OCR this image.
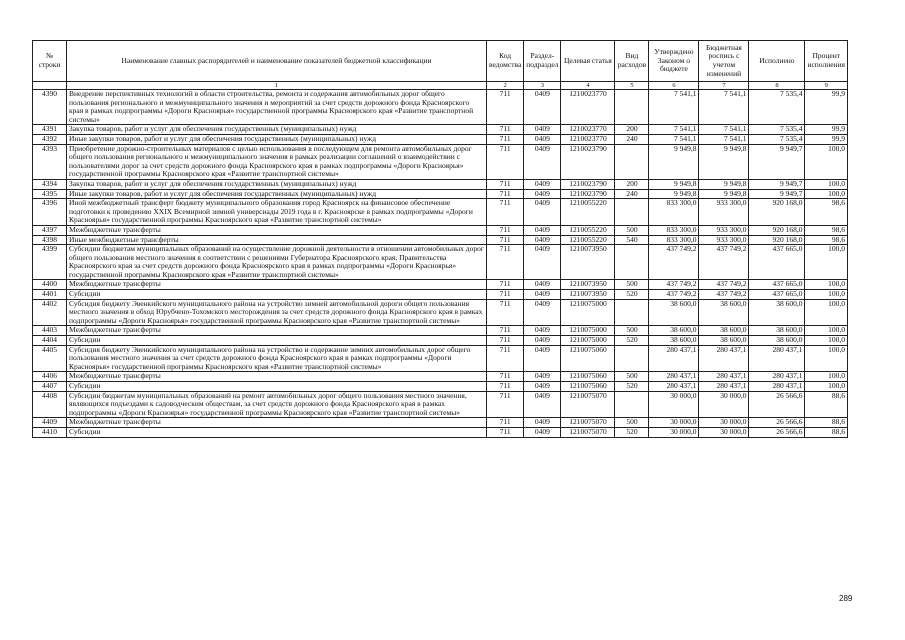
№ строки	Наименование главных распорядителей и наименование показателей бюджетной классификации	Код ведомства	Раздел-подраздел	Целевая статья	Вид расходов	Утверждено Законом о бюджете	Бюджетная роспись с учетом изменений	Исполнено	Процент исполнения
	1	2	3	4	5	6	7	8	9
4390	Внедрение перспективных технологий в области строительства, ремонта и содержания автомобильных дорог общего пользования регионального и межмуниципального значения и мероприятий за счет средств дорожного фонда Красноярского края в рамках подпрограммы «Дороги Красноярья» государственной программы Красноярского края «Развитие транспортной системы»	711	0409	1210023770		7 541,1	7 541,1	7 535,4	99,9
4391	Закупка товаров, работ и услуг для обеспечения государственных (муниципальных) нужд	711	0409	1210023770	200	7 541,1	7 541,1	7 535,4	99,9
4392	Иные закупки товаров, работ и услуг для обеспечения государственных (муниципальных) нужд	711	0409	1210023770	240	7 541,1	7 541,1	7 535,4	99,9
4393	Приобретение дорожно-строительных материалов с целью использования в последующем для ремонта автомобильных дорог общего пользования регионального и межмуниципального значения в рамках реализации соглашений о взаимодействии с пользователями дорог за счет средств дорожного фонда Красноярского края в рамках подпрограммы «Дороги Красноярья» государственной программы Красноярского края «Развитие транспортной системы»	711	0409	1210023790		9 949,8	9 949,8	9 949,7	100,0
4394	Закупка товаров, работ и услуг для обеспечения государственных (муниципальных) нужд	711	0409	1210023790	200	9 949,8	9 949,8	9 949,7	100,0
4395	Иные закупки товаров, работ и услуг для обеспечения государственных (муниципальных) нужд	711	0409	1210023790	240	9 949,8	9 949,8	9 949,7	100,0
4396	Иной межбюджетный трансферт бюджету муниципального образования город Красноярск на финансовое обеспечение подготовки к проведению XXIX Всемирной зимней универсиады 2019 года в г. Красноярске в рамках подпрограммы «Дороги Красноярья» государственной программы Красноярского края «Развитие транспортной системы»	711	0409	1210055220		833 300,0	933 300,0	920 168,0	98,6
4397	Межбюджетные трансферты	711	0409	1210055220	500	833 300,0	933 300,0	920 168,0	98,6
4398	Иные межбюджетные трансферты	711	0409	1210055220	540	833 300,0	933 300,0	920 168,0	98,6
4399	Субсидии бюджетам муниципальных образований на осуществление дорожной деятельности в отношении автомобильных дорог общего пользования местного значения в соответствии с решениями Губернатора Красноярского края, Правительства Красноярского края за счет средств дорожного фонда Красноярского края в рамках подпрограммы «Дороги Красноярья» государственной программы Красноярского края «Развитие транспортной системы»	711	0409	1210073950		437 749,2	437 749,2	437 665,0	100,0
4400	Межбюджетные трансферты	711	0409	1210073950	500	437 749,2	437 749,2	437 665,0	100,0
4401	Субсидии	711	0409	1210073950	520	437 749,2	437 749,2	437 665,0	100,0
4402	Субсидия бюджету Эвенкийского муниципального района на устройство зимней автомобильной дороги общего пользования местного значения в обход Юрубчено-Тохомского месторождения за счет средств дорожного фонда Красноярского края в рамках подпрограммы «Дороги Красноярья» государственной программы Красноярского края «Развитие транспортной системы»	711	0409	1210075000		38 600,0	38 600,0	38 600,0	100,0
4403	Межбюджетные трансферты	711	0409	1210075000	500	38 600,0	38 600,0	38 600,0	100,0
4404	Субсидии	711	0409	1210075000	520	38 600,0	38 600,0	38 600,0	100,0
4405	Субсидия бюджету Эвенкийского муниципального района на устройство и содержание зимних автомобильных дорог общего пользования местного значения за счет средств дорожного фонда Красноярского края в рамках подпрограммы «Дороги Красноярья» государственной программы Красноярского края «Развитие транспортной системы»	711	0409	1210075060		280 437,1	280 437,1	280 437,1	100,0
4406	Межбюджетные трансферты	711	0409	1210075060	500	280 437,1	280 437,1	280 437,1	100,0
4407	Субсидии	711	0409	1210075060	520	280 437,1	280 437,1	280 437,1	100,0
4408	Субсидии бюджетам муниципальных образований на ремонт автомобильных дорог общего пользования местного значения, являющихся подъездами к садоводческим обществам, за счет средств дорожного фонда Красноярского края в рамках подпрограммы «Дороги Красноярья» государственной программы Красноярского края «Развитие транспортной системы»	711	0409	1210075070		30 000,0	30 000,0	26 566,6	88,6
4409	Межбюджетные трансферты	711	0409	1210075070	500	30 000,0	30 000,0	26 566,6	88,6
4410	Субсидии	711	0409	1210075070	520	30 000,0	30 000,0	26 566,6	88,6
289
